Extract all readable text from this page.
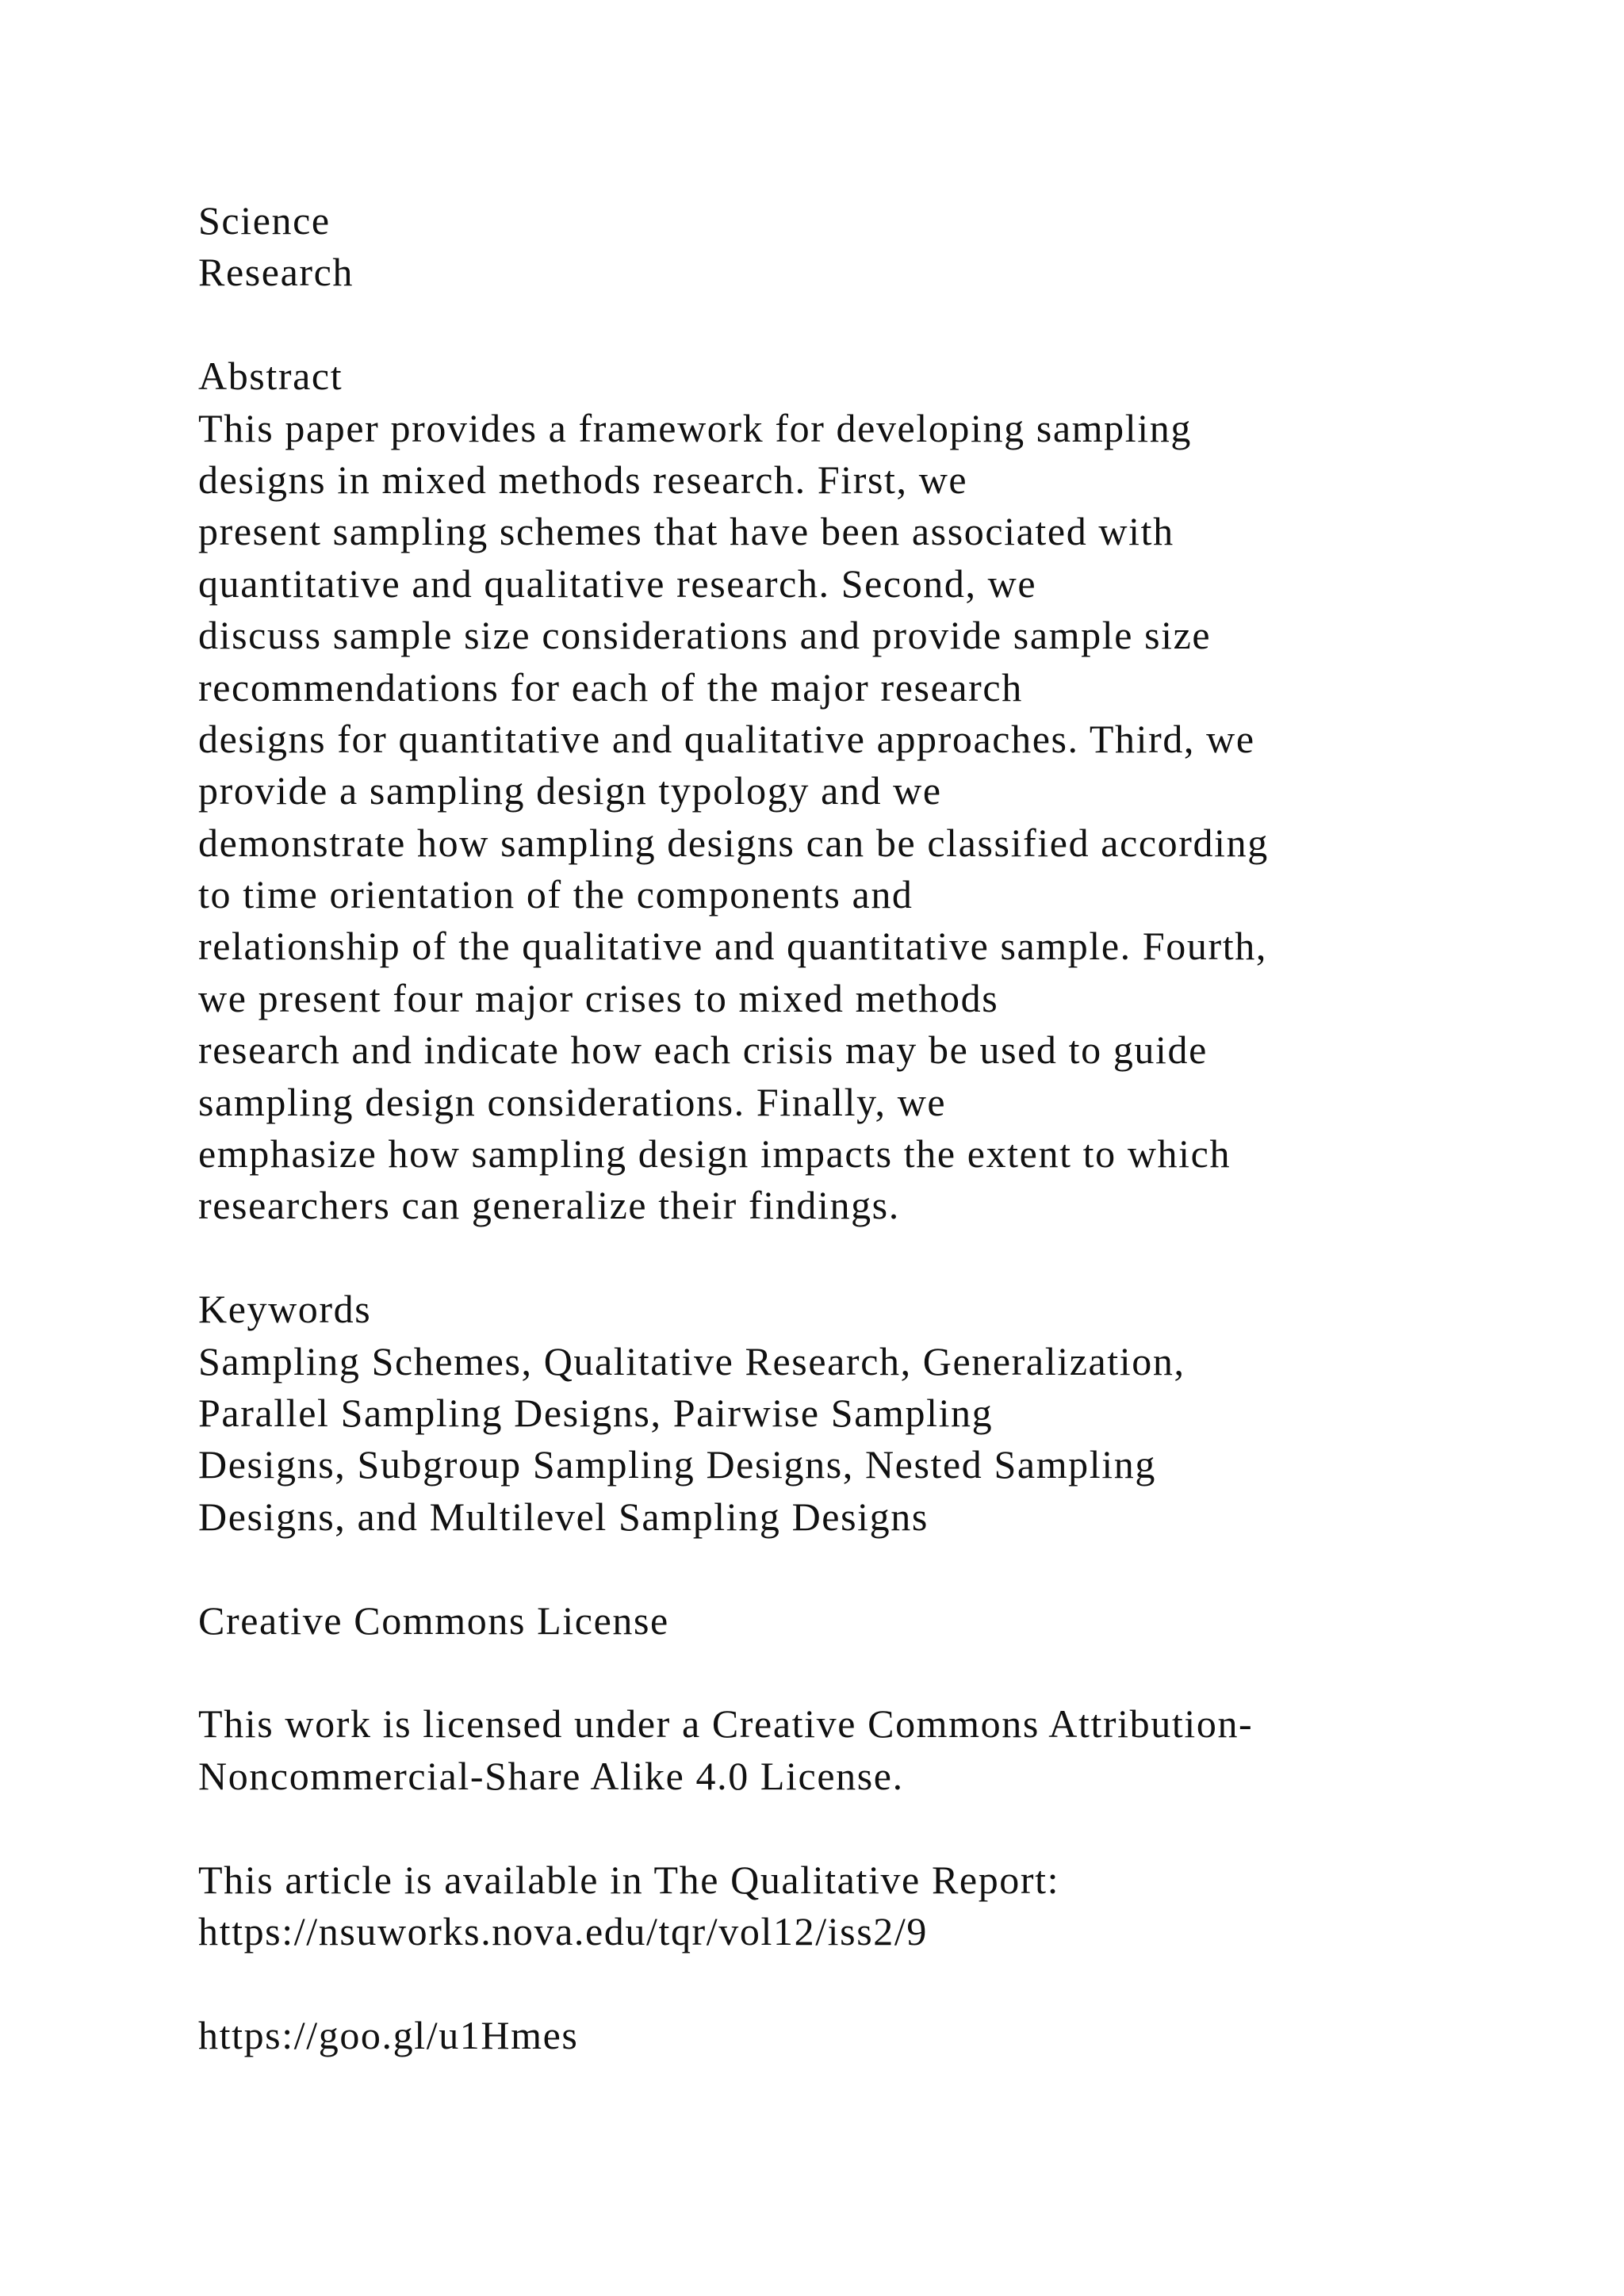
Science
Research
Abstract
This paper provides a framework for developing sampling
designs in mixed methods research. First, we
present sampling schemes that have been associated with
quantitative and qualitative research. Second, we
discuss sample size considerations and provide sample size
recommendations for each of the major research
designs for quantitative and qualitative approaches. Third, we
provide a sampling design typology and we
demonstrate how sampling designs can be classified according
to time orientation of the components and
relationship of the qualitative and quantitative sample. Fourth,
we present four major crises to mixed methods
research and indicate how each crisis may be used to guide
sampling design considerations. Finally, we
emphasize how sampling design impacts the extent to which
researchers can generalize their findings.
Keywords
Sampling Schemes, Qualitative Research, Generalization,
Parallel Sampling Designs, Pairwise Sampling
Designs, Subgroup Sampling Designs, Nested Sampling
Designs, and Multilevel Sampling Designs
Creative Commons License
This work is licensed under a Creative Commons Attribution-
Noncommercial-Share Alike 4.0 License.
This article is available in The Qualitative Report:
https://nsuworks.nova.edu/tqr/vol12/iss2/9
https://goo.gl/u1Hmes
